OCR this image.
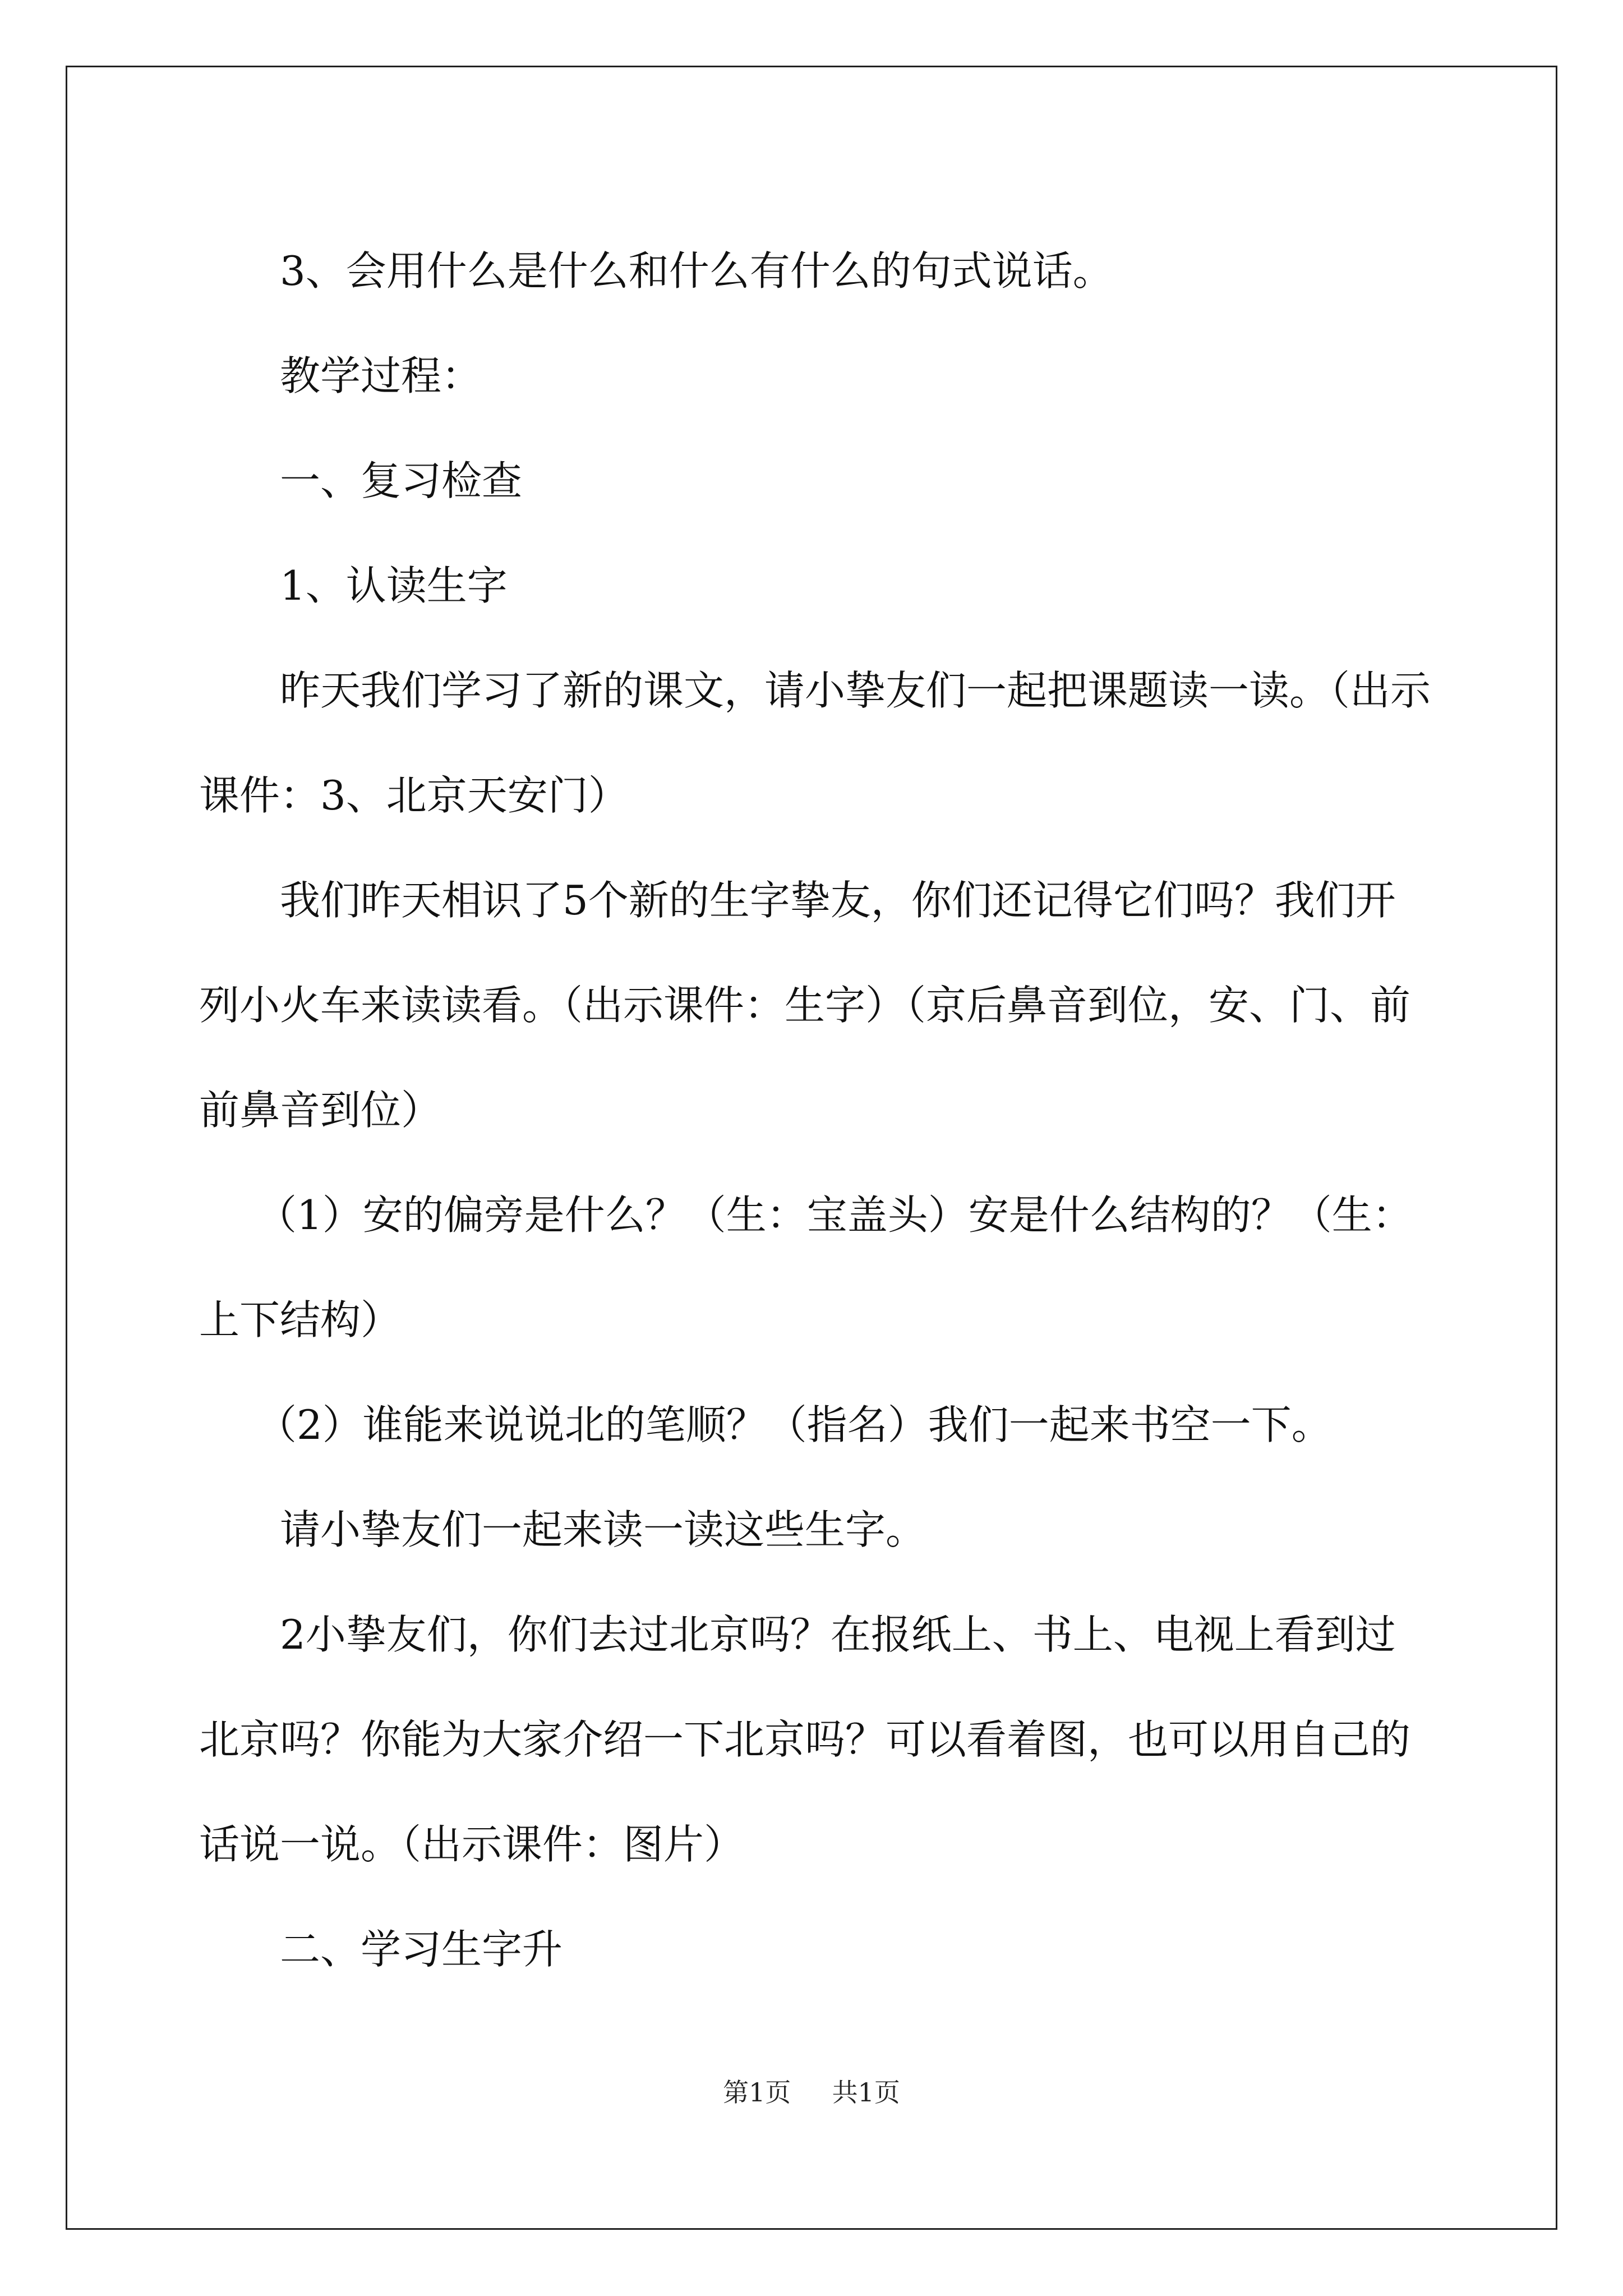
3、会用什么是什么和什么有什么的句式说话。

教学过程：

一、复习检查

1、认读生字

昨天我们学习了新的课文，请小挚友们一起把课题读一读。（出示课件：3、北京天安门）

我们昨天相识了5个新的生字挚友，你们还记得它们吗？我们开列小火车来读读看。（出示课件：生字）（京后鼻音到位，安、门、前前鼻音到位）

（1）安的偏旁是什么？（生：宝盖头）安是什么结构的？（生：上下结构）

（2）谁能来说说北的笔顺？（指名）我们一起来书空一下。

请小挚友们一起来读一读这些生字。

2小挚友们，你们去过北京吗？在报纸上、书上、电视上看到过北京吗？你能为大家介绍一下北京吗？可以看着图，也可以用自己的话说一说。（出示课件：图片）

二、学习生字升

第1页 共1页
